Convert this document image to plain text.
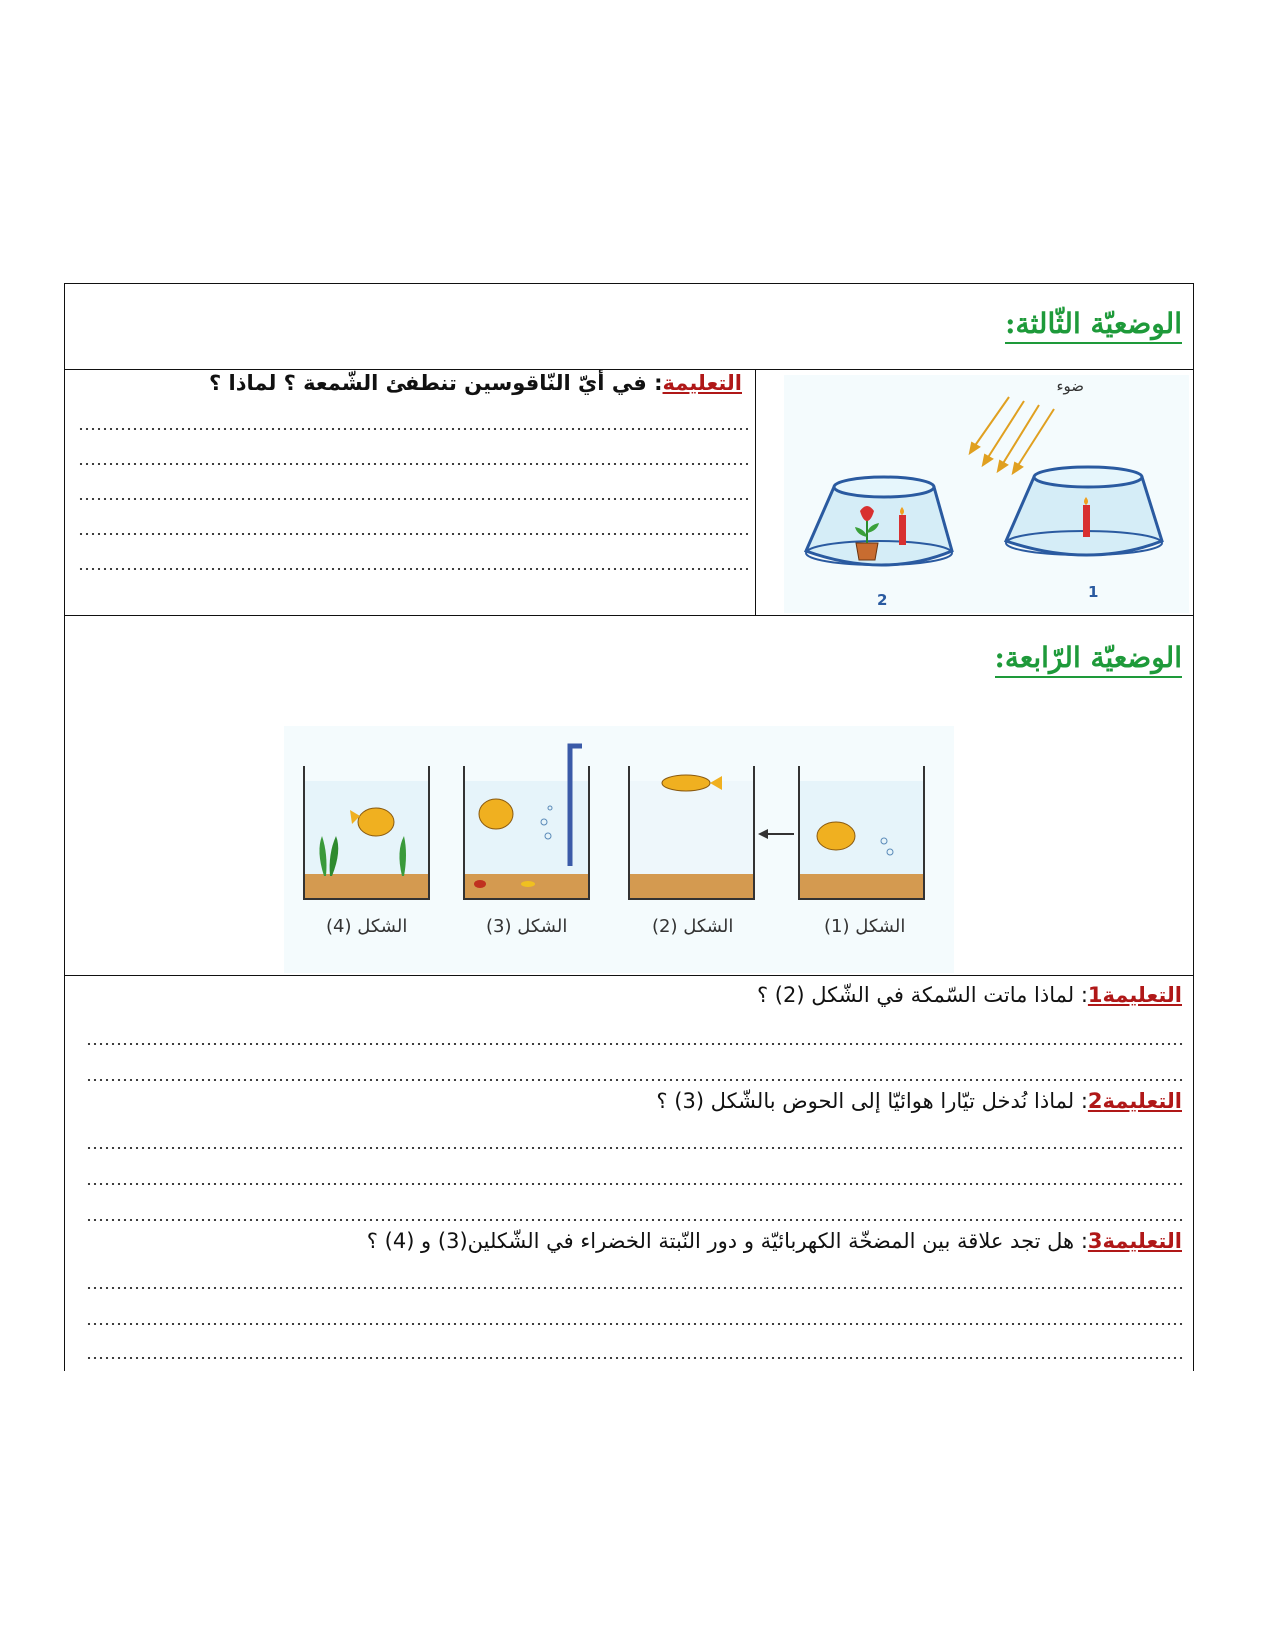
الوضعيّة الثّالثة:
التعليمة: في أيّ النّاقوسين تنطفئ الشّمعة ؟ لماذا ؟	ضوء
2	1
الوضعيّة الرّابعة:
الشكل (4)	الشكل (3)	الشكل (2)	الشكل (1)
التعليمة1: لماذا ماتت السّمكة في الشّكل (2) ؟
التعليمة2: لماذا نُدخل تيّارا هوائيّا إلى الحوض بالشّكل (3) ؟
التعليمة3: هل تجد علاقة بين المضخّة الكهربائيّة و دور النّبتة الخضراء في الشّكلين(3) و (4) ؟
